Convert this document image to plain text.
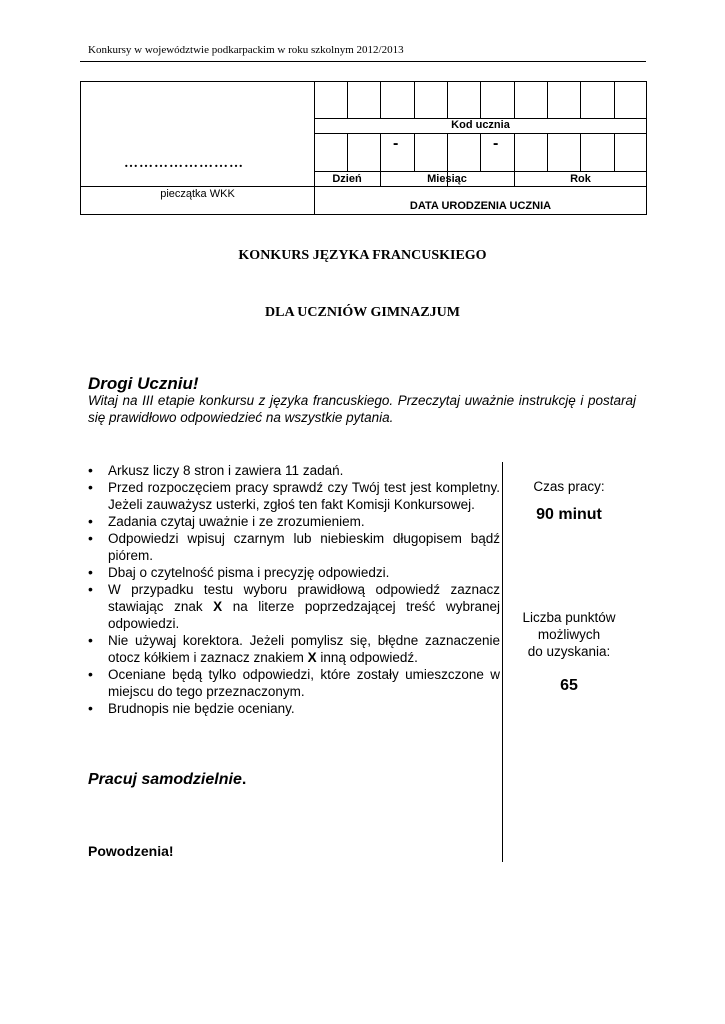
Konkursy w województwie podkarpackim w roku szkolnym 2012/2013
……………………
pieczątka WKK
Kod ucznia
-	-
Dzień	Miesiąc	Rok
DATA URODZENIA UCZNIA
KONKURS JĘZYKA FRANCUSKIEGO
DLA UCZNIÓW GIMNAZJUM
Drogi Uczniu!
Witaj na III etapie konkursu z języka francuskiego. Przeczytaj uważnie instrukcję i postaraj się prawidłowo odpowiedzieć na wszystkie pytania.
• Arkusz liczy 8 stron i zawiera 11 zadań.
• Przed rozpoczęciem pracy sprawdź czy Twój test jest kompletny. Jeżeli zauważysz usterki, zgłoś ten fakt Komisji Konkursowej.
• Zadania czytaj uważnie i ze zrozumieniem.
• Odpowiedzi wpisuj czarnym lub niebieskim długopisem bądź piórem.
• Dbaj o czytelność pisma i precyzję odpowiedzi.
• W przypadku testu wyboru prawidłową odpowiedź zaznacz stawiając znak X na literze poprzedzającej treść wybranej odpowiedzi.
• Nie używaj korektora. Jeżeli pomylisz się, błędne zaznaczenie otocz kółkiem i zaznacz znakiem X inną odpowiedź.
• Oceniane będą tylko odpowiedzi, które zostały umieszczone w miejscu do tego przeznaczonym.
• Brudnopis nie będzie oceniany.
Czas pracy:
90 minut
Liczba punktów
możliwych
do uzyskania:
65
Pracuj samodzielnie.
Powodzenia!
